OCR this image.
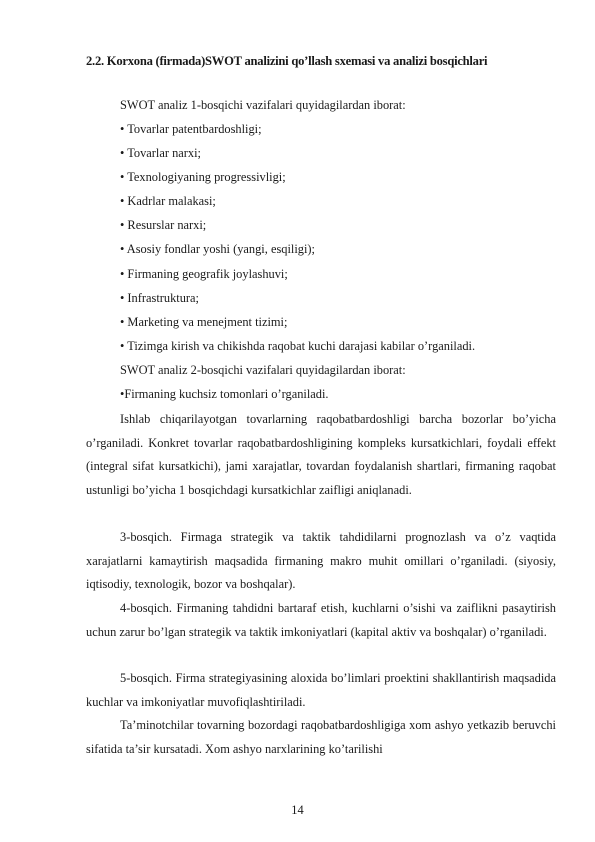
2.2. Korxona (firmada)SWOT analizini qo’llash sxemasi va analizi bosqichlari
SWOT analiz 1-bosqichi vazifalari quyidagilardan iborat:
• Tovarlar patentbardoshligi;
• Tovarlar narxi;
• Texnologiyaning progressivligi;
• Kadrlar malakasi;
• Resurslar narxi;
• Asosiy fondlar yoshi (yangi, esqiligi);
• Firmaning geografik joylashuvi;
• Infrastruktura;
• Marketing va menejment tizimi;
• Tizimga kirish va chikishda raqobat kuchi darajasi kabilar o’rganiladi.
SWOT analiz 2-bosqichi vazifalari quyidagilardan iborat:
•Firmaning kuchsiz tomonlari o’rganiladi.

Ishlab chiqarilayotgan tovarlarning raqobatbardoshligi barcha bozorlar bo’yicha o’rganiladi. Konkret tovarlar raqobatbardoshligining kompleks kursatkichlari, foydali effekt (integral sifat kursatkichi), jami xarajatlar, tovardan foydalanish shartlari, firmaning raqobat ustunligi bo’yicha 1 bosqichdagi kursatkichlar zaifligi aniqlanadi.

3-bosqich. Firmaga strategik va taktik tahdidilarni prognozlash va o’z vaqtida xarajatlarni kamaytirish maqsadida firmaning makro muhit omillari o’rganiladi. (siyosiy, iqtisodiy, texnologik, bozor va boshqalar).

4-bosqich. Firmaning tahdidni bartaraf etish, kuchlarni o’sishi va zaiflikni pasaytirish uchun zarur bo’lgan strategik va taktik imkoniyatlari (kapital aktiv va boshqalar) o’rganiladi.

5-bosqich. Firma strategiyasining aloxida bo’limlari proektini shakllantirish maqsadida kuchlar va imkoniyatlar muvofiqlashtiriladi.

Ta’minotchilar tovarning bozordagi raqobatbardoshligiga xom ashyo yetkazib beruvchi sifatida ta’sir kursatadi. Xom ashyo narxlarining ko’tarilishi

14
